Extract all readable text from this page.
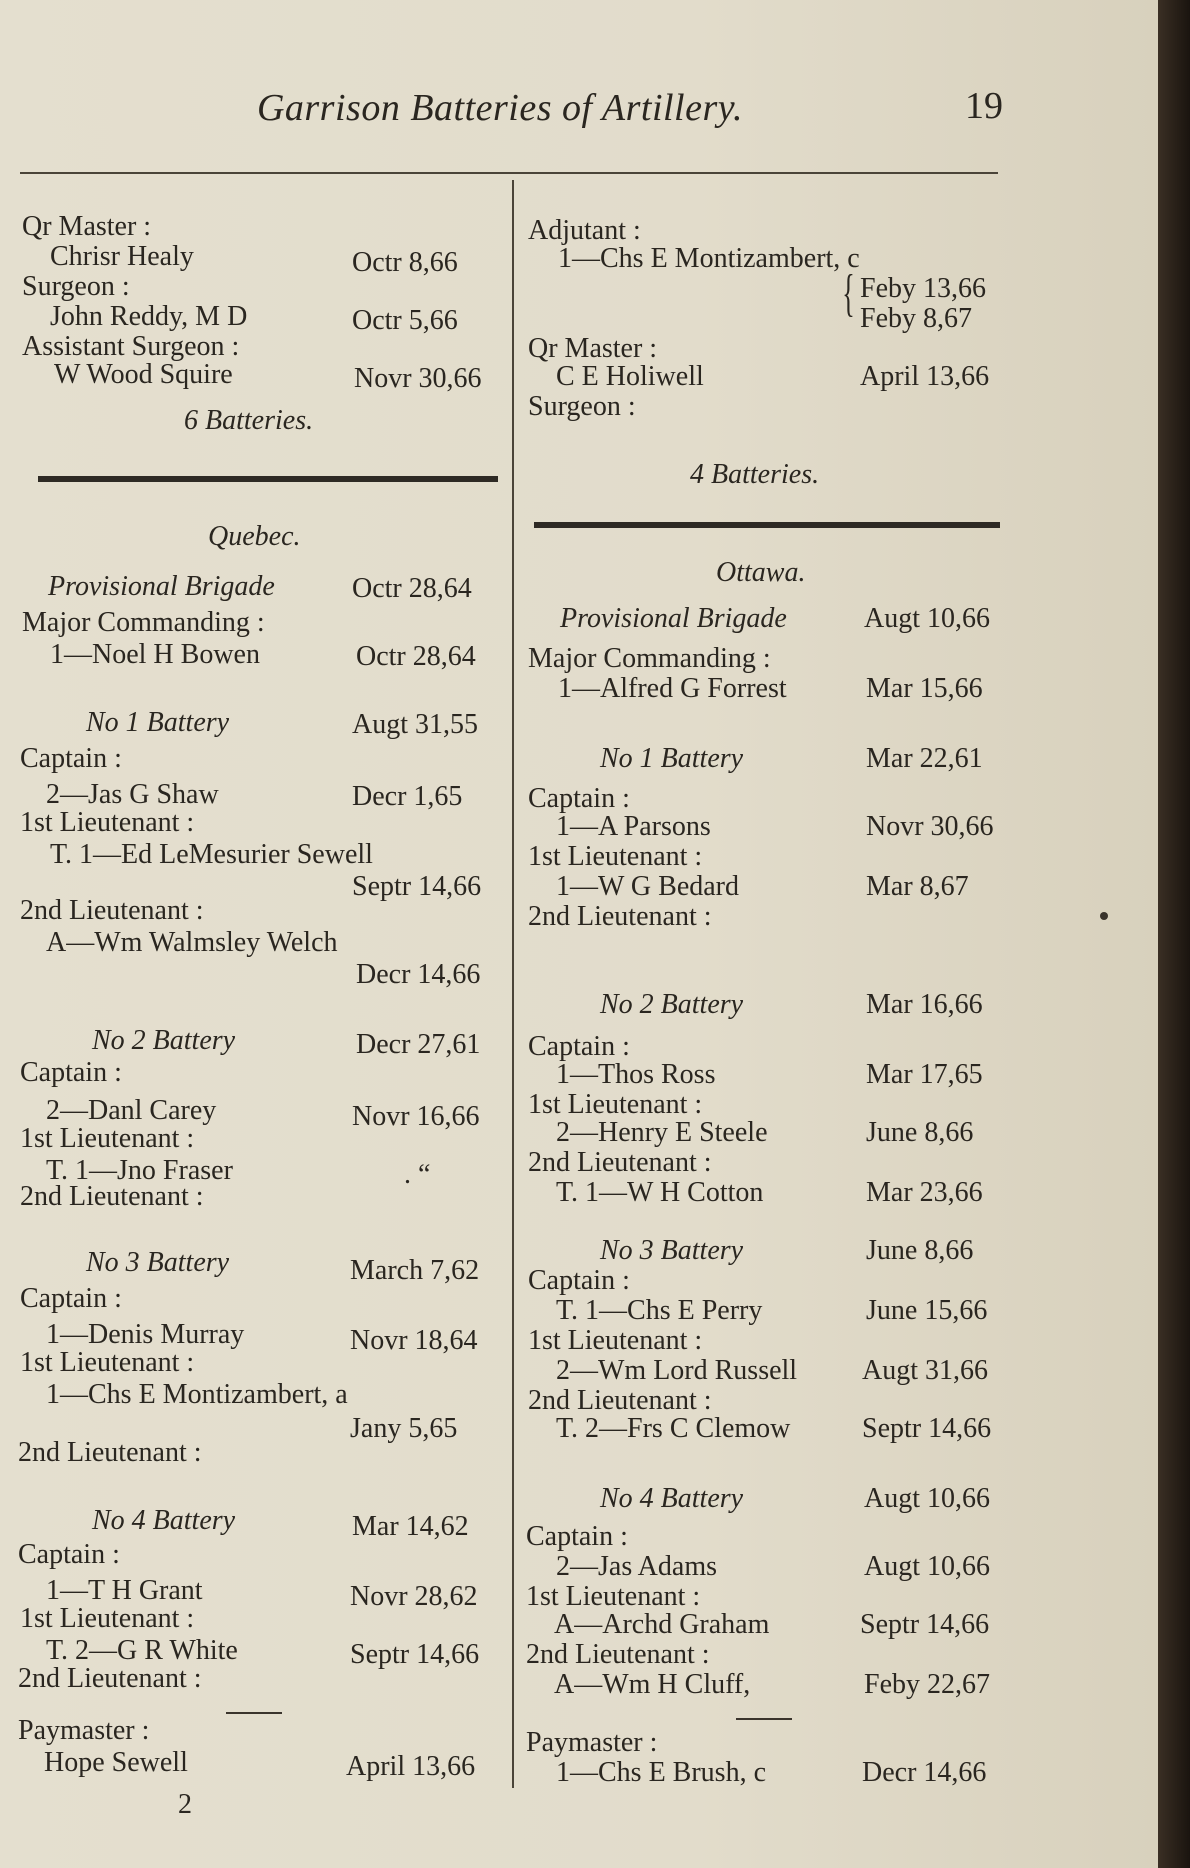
Garrison Batteries of Artillery.	19
Qr Master :
Chrisr Healy	Octr 8,66
Surgeon :
John Reddy, M D	Octr 5,66
Assistant Surgeon :
W Wood Squire	Novr 30,66
6 Batteries.
Quebec.
Provisional Brigade	Octr 28,64
Major Commanding :
1—Noel H Bowen	Octr 28,64
No 1 Battery	Augt 31,55
Captain :
2—Jas G Shaw	Decr 1,65
1st Lieutenant :
T. 1—Ed LeMesurier Sewell
Septr 14,66
2nd Lieutenant :
A—Wm Walmsley Welch
Decr 14,66
No 2 Battery	Decr 27,61
Captain :
2—Danl Carey	Novr 16,66
1st Lieutenant :
T. 1—Jno Fraser	. “
2nd Lieutenant :
No 3 Battery	March 7,62
Captain :
1—Denis Murray	Novr 18,64
1st Lieutenant :
1—Chs E Montizambert, a
Jany 5,65
2nd Lieutenant :
No 4 Battery	Mar 14,62
Captain :
1—T H Grant	Novr 28,62
1st Lieutenant :
T. 2—G R White	Septr 14,66
2nd Lieutenant :
Paymaster :
Hope Sewell	April 13,66
2
Adjutant :
1—Chs E Montizambert, c
{ Feby 13,66
Feby 8,67
Qr Master :
C E Holiwell	April 13,66
Surgeon :
4 Batteries.
Ottawa.
Provisional Brigade	Augt 10,66
Major Commanding :
1—Alfred G Forrest	Mar 15,66
No 1 Battery	Mar 22,61
Captain :
1—A Parsons	Novr 30,66
1st Lieutenant :
1—W G Bedard	Mar 8,67
2nd Lieutenant :
No 2 Battery	Mar 16,66
Captain :
1—Thos Ross	Mar 17,65
1st Lieutenant :
2—Henry E Steele	June 8,66
2nd Lieutenant :
T. 1—W H Cotton	Mar 23,66
No 3 Battery	June 8,66
Captain :
T. 1—Chs E Perry	June 15,66
1st Lieutenant :
2—Wm Lord Russell Augt 31,66
2nd Lieutenant :
T. 2—Frs C Clemow	Septr 14,66
No 4 Battery	Augt 10,66
Captain :
2—Jas Adams	Augt 10,66
1st Lieutenant :
A—Archd Graham	Septr 14,66
2nd Lieutenant :
A—Wm H Cluff,	Feby 22,67
Paymaster :
1—Chs E Brush, c	Decr 14,66
